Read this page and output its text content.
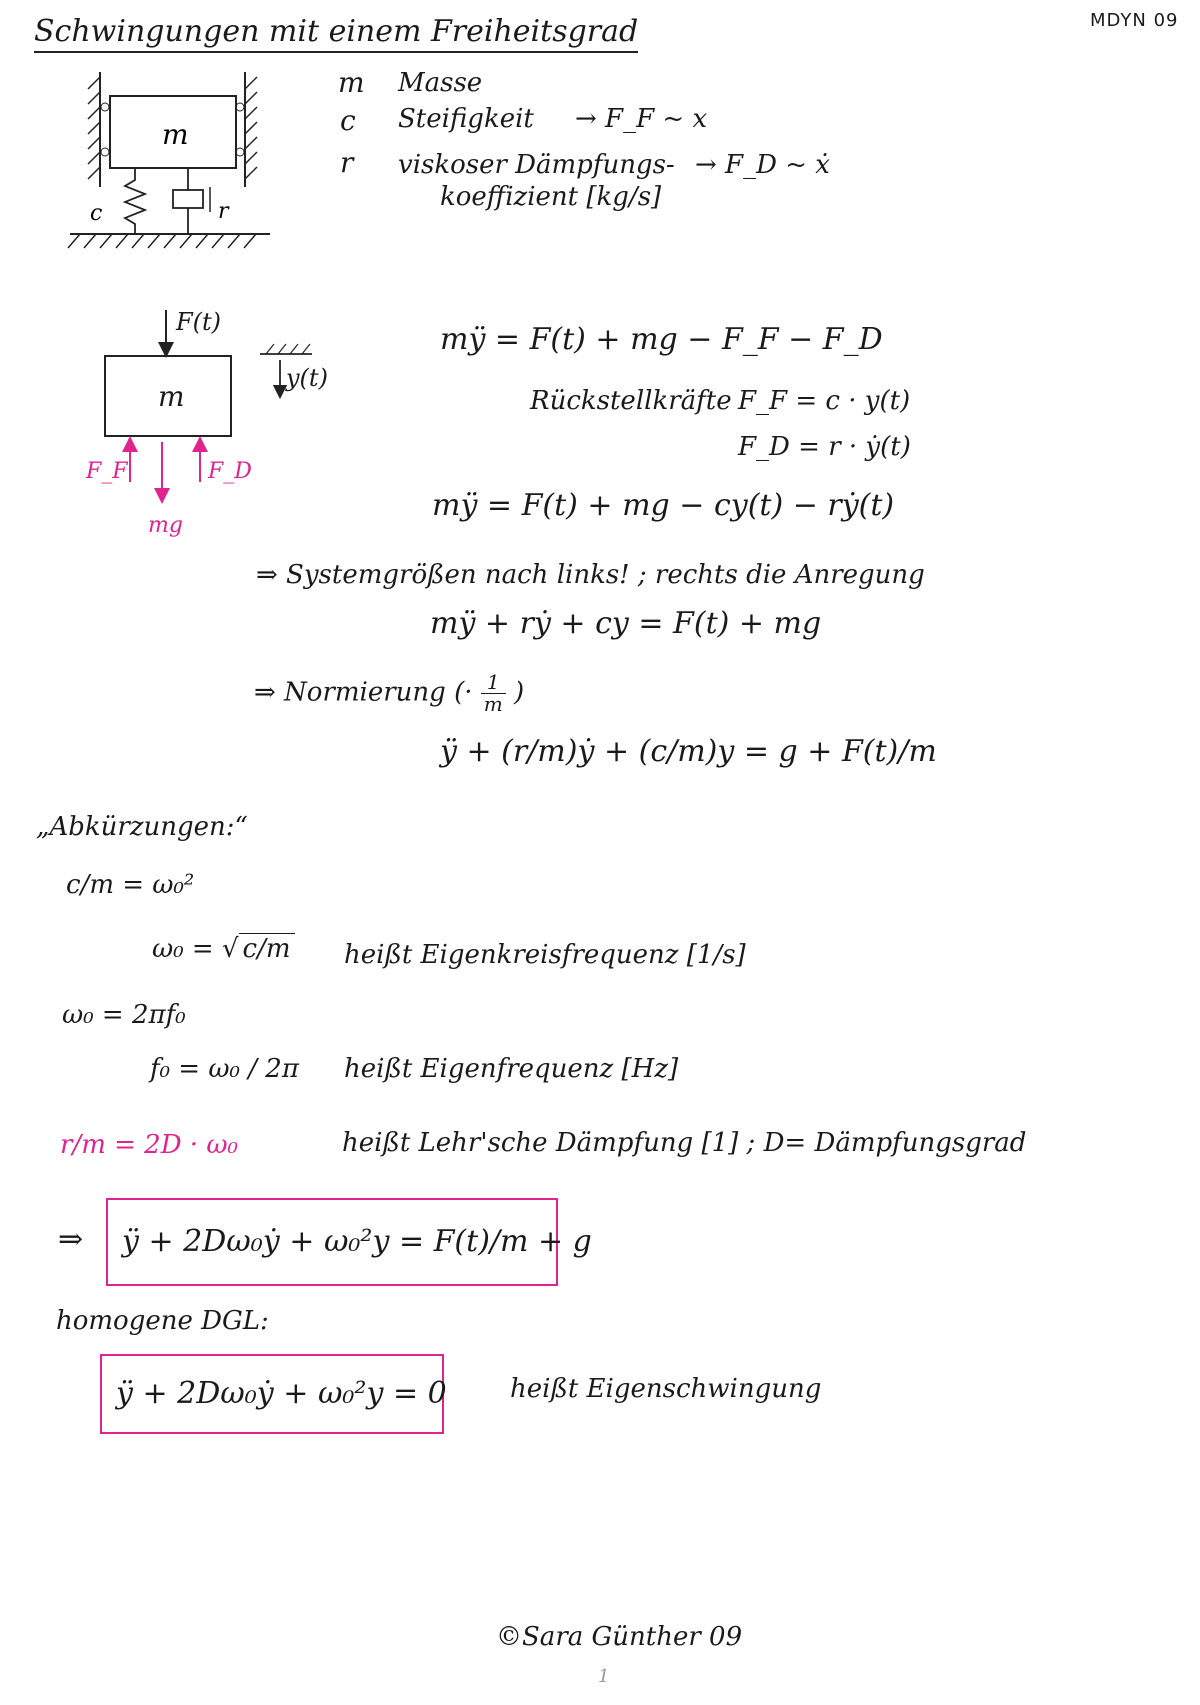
Schwingungen mit einem Freiheitsgrad	MDYN 09
m
c	r
m Masse
c Steifigkeit → F_F ~ x
r viskoser Dämpfungs-
koeffizient [kg/s]
→ F_D ~ ẋ
F(t)
m
y(t)
F_F
mg
F_D
mÿ = F(t) + mg − F_F − F_D
Rückstellkräfte F_F = c · y(t)
F_D = r · ẏ(t)
mÿ = F(t) + mg − cy(t) − rẏ(t)
⇒ Systemgrößen nach links! ; rechts die Anregung
mÿ + rẏ + cy = F(t) + mg
⇒ Normierung (· $\frac{1}{m}$ )
ÿ + (r/m)ẏ + (c/m)y = g + F(t)/m
„Abkürzungen:“
c/m = ω₀²
ω₀ = √ c/m heißt Eigenkreisfrequenz [1/s]
ω₀ = 2πf₀
f₀ = ω₀ / 2π heißt Eigenfrequenz [Hz]
r/m = 2D · ω₀	heißt Lehr'sche Dämpfung [1] ; D= Dämpfungsgrad
⇒	ÿ + 2Dω₀ẏ + ω₀²y = F(t)/m + g
homogene DGL:
ÿ + 2Dω₀ẏ + ω₀²y = 0 heißt Eigenschwingung
©Sara Günther 09
1
